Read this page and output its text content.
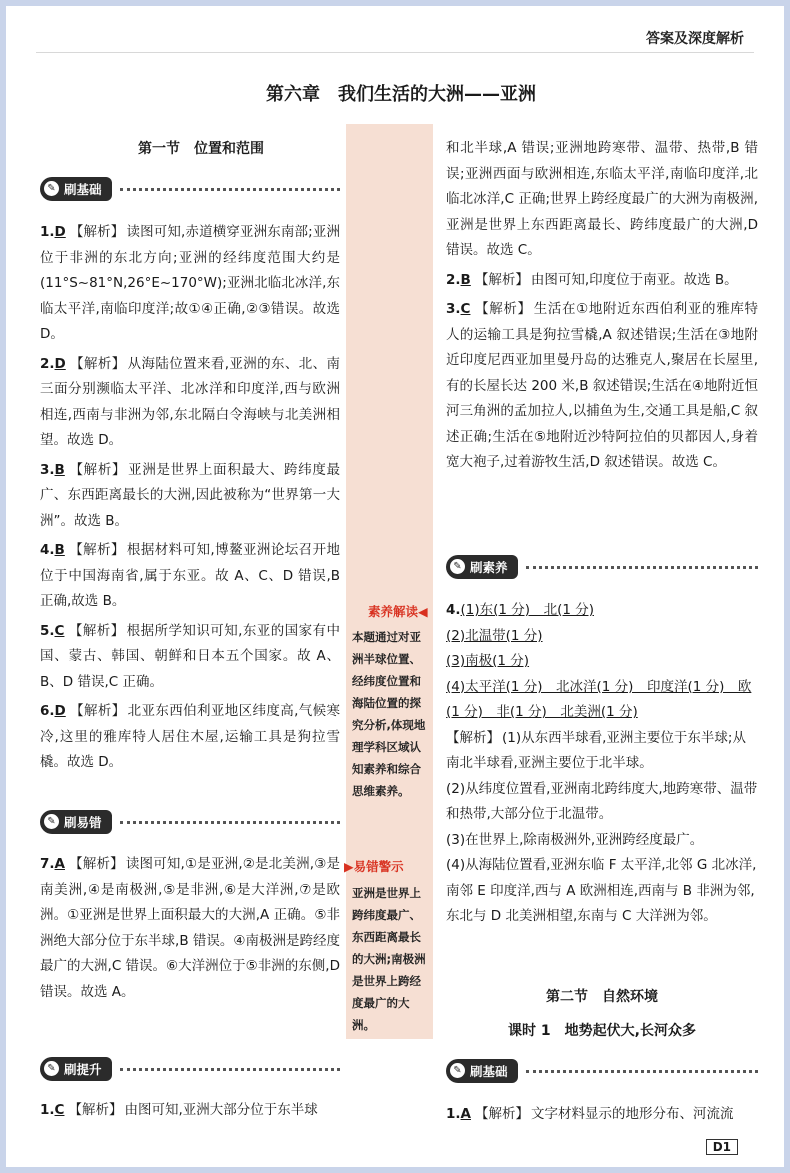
答案及深度解析
第六章　我们生活的大洲——亚洲
第一节　位置和范围
✎ 刷基础
1.D 【解析】 读图可知,赤道横穿亚洲东南部;亚洲位于非洲的东北方向;亚洲的经纬度范围大约是(11°S~81°N,26°E~170°W);亚洲北临北冰洋,东临太平洋,南临印度洋;故①④正确,②③错误。故选 D。
2.D 【解析】 从海陆位置来看,亚洲的东、北、南三面分别濒临太平洋、北冰洋和印度洋,西与欧洲相连,西南与非洲为邻,东北隔白令海峡与北美洲相望。故选 D。
3.B 【解析】 亚洲是世界上面积最大、跨纬度最广、东西距离最长的大洲,因此被称为“世界第一大洲”。故选 B。
4.B 【解析】 根据材料可知,博鳌亚洲论坛召开地位于中国海南省,属于东亚。故 A、C、D 错误,B 正确,故选 B。
5.C 【解析】 根据所学知识可知,东亚的国家有中国、蒙古、韩国、朝鲜和日本五个国家。故 A、B、D 错误,C 正确。
6.D 【解析】 北亚东西伯利亚地区纬度高,气候寒冷,这里的雅库特人居住木屋,运输工具是狗拉雪橇。故选 D。
✎ 刷易错
7.A 【解析】 读图可知,①是亚洲,②是北美洲,③是南美洲,④是南极洲,⑤是非洲,⑥是大洋洲,⑦是欧洲。①亚洲是世界上面积最大的大洲,A 正确。⑤非洲绝大部分位于东半球,B 错误。④南极洲是跨经度最广的大洲,C 错误。⑥大洋洲位于⑤非洲的东侧,D 错误。故选 A。
✎ 刷提升
1.C 【解析】 由图可知,亚洲大部分位于东半球
素养解读◀
本题通过对亚洲半球位置、经纬度位置和海陆位置的探究分析,体现地理学科区域认知素养和综合思维素养。
▶易错警示
亚洲是世界上跨纬度最广、东西距离最长的大洲;南极洲是世界上跨经度最广的大洲。
和北半球,A 错误;亚洲地跨寒带、温带、热带,B 错误;亚洲西面与欧洲相连,东临太平洋,南临印度洋,北临北冰洋,C 正确;世界上跨经度最广的大洲为南极洲,亚洲是世界上东西距离最长、跨纬度最广的大洲,D 错误。故选 C。
2.B 【解析】 由图可知,印度位于南亚。故选 B。
3.C 【解析】 生活在①地附近东西伯利亚的雅库特人的运输工具是狗拉雪橇,A 叙述错误;生活在③地附近印度尼西亚加里曼丹岛的达雅克人,聚居在长屋里,有的长屋长达 200 米,B 叙述错误;生活在④地附近恒河三角洲的孟加拉人,以捕鱼为生,交通工具是船,C 叙述正确;生活在⑤地附近沙特阿拉伯的贝都因人,身着宽大袍子,过着游牧生活,D 叙述错误。故选 C。
✎ 刷素养
4.(1)东(1 分)　北(1 分)
(2)北温带(1 分)
(3)南极(1 分)
(4)太平洋(1 分)　北冰洋(1 分)　印度洋(1 分)　欧(1 分)　非(1 分)　北美洲(1 分)
【解析】 (1)从东西半球看,亚洲主要位于东半球;从南北半球看,亚洲主要位于北半球。
(2)从纬度位置看,亚洲南北跨纬度大,地跨寒带、温带和热带,大部分位于北温带。
(3)在世界上,除南极洲外,亚洲跨经度最广。
(4)从海陆位置看,亚洲东临 F 太平洋,北邻 G 北冰洋,南邻 E 印度洋,西与 A 欧洲相连,西南与 B 非洲为邻,东北与 D 北美洲相望,东南与 C 大洋洲为邻。
第二节　自然环境
课时 1　地势起伏大,长河众多
✎ 刷基础
1.A 【解析】 文字材料显示的地形分布、河流流
D1
